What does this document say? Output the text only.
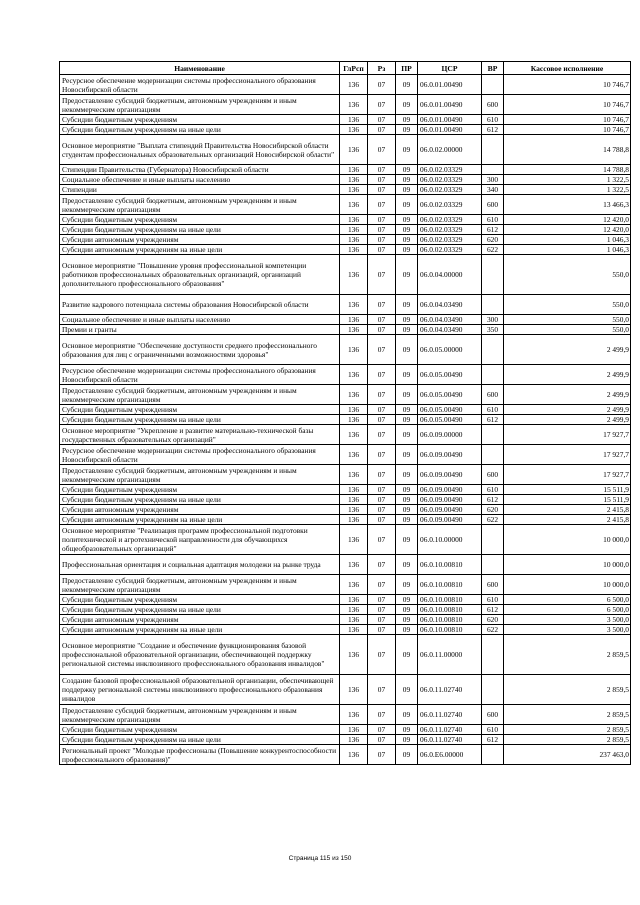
Наименование	ГлРсп	Рз	ПР	ЦСР	ВР	Кассовое исполнение
Ресурсное обеспечение модернизации системы профессионального образования Новосибирской области	136	07	09	06.0.01.00490		10 746,7
Предоставление субсидий бюджетным, автономным учреждениям и иным некоммерческим организациям	136	07	09	06.0.01.00490	600	10 746,7
Субсидии бюджетным учреждениям	136	07	09	06.0.01.00490	610	10 746,7
Субсидии бюджетным учреждениям на иные цели	136	07	09	06.0.01.00490	612	10 746,7
Основное мероприятие "Выплата стипендий Правительства Новосибирской области студентам профессиональных образовательных организаций Новосибирской области"	136	07	09	06.0.02.00000		14 788,8
Стипендии Правительства (Губернатора) Новосибирской области	136	07	09	06.0.02.03329		14 788,8
Социальное обеспечение и иные выплаты населению	136	07	09	06.0.02.03329	300	1 322,5
Стипендии	136	07	09	06.0.02.03329	340	1 322,5
Предоставление субсидий бюджетным, автономным учреждениям и иным некоммерческим организациям	136	07	09	06.0.02.03329	600	13 466,3
Субсидии бюджетным учреждениям	136	07	09	06.0.02.03329	610	12 420,0
Субсидии бюджетным учреждениям на иные цели	136	07	09	06.0.02.03329	612	12 420,0
Субсидии автономным учреждениям	136	07	09	06.0.02.03329	620	1 046,3
Субсидии автономным учреждениям на иные цели	136	07	09	06.0.02.03329	622	1 046,3
Основное мероприятие "Повышение уровня профессиональной компетенции работников профессиональных образовательных организаций, организаций дополнительного профессионального образования"	136	07	09	06.0.04.00000		550,0
Развитие кадрового потенциала системы образования Новосибирской области	136	07	09	06.0.04.03490		550,0
Социальное обеспечение и иные выплаты населению	136	07	09	06.0.04.03490	300	550,0
Премии и гранты	136	07	09	06.0.04.03490	350	550,0
Основное мероприятие "Обеспечение доступности среднего профессионального образования для лиц с ограниченными возможностями здоровья"	136	07	09	06.0.05.00000		2 499,9
Ресурсное обеспечение модернизации системы профессионального образования Новосибирской области	136	07	09	06.0.05.00490		2 499,9
Предоставление субсидий бюджетным, автономным учреждениям и иным некоммерческим организациям	136	07	09	06.0.05.00490	600	2 499,9
Субсидии бюджетным учреждениям	136	07	09	06.0.05.00490	610	2 499,9
Субсидии бюджетным учреждениям на иные цели	136	07	09	06.0.05.00490	612	2 499,9
Основное мероприятие "Укрепление и развитие материально-технической базы государственных образовательных организаций"	136	07	09	06.0.09.00000		17 927,7
Ресурсное обеспечение модернизации системы профессионального образования Новосибирской области	136	07	09	06.0.09.00490		17 927,7
Предоставление субсидий бюджетным, автономным учреждениям и иным некоммерческим организациям	136	07	09	06.0.09.00490	600	17 927,7
Субсидии бюджетным учреждениям	136	07	09	06.0.09.00490	610	15 511,9
Субсидии бюджетным учреждениям на иные цели	136	07	09	06.0.09.00490	612	15 511,9
Субсидии автономным учреждениям	136	07	09	06.0.09.00490	620	2 415,8
Субсидии автономным учреждениям на иные цели	136	07	09	06.0.09.00490	622	2 415,8
Основное мероприятие "Реализация программ профессиональной подготовки политехнической и агротехнической направленности для обучающихся общеобразовательных организаций"	136	07	09	06.0.10.00000		10 000,0
Профессиональная ориентация и социальная адаптация молодежи на рынке труда	136	07	09	06.0.10.00810		10 000,0
Предоставление субсидий бюджетным, автономным учреждениям и иным некоммерческим организациям	136	07	09	06.0.10.00810	600	10 000,0
Субсидии бюджетным учреждениям	136	07	09	06.0.10.00810	610	6 500,0
Субсидии бюджетным учреждениям на иные цели	136	07	09	06.0.10.00810	612	6 500,0
Субсидии автономным учреждениям	136	07	09	06.0.10.00810	620	3 500,0
Субсидии автономным учреждениям на иные цели	136	07	09	06.0.10.00810	622	3 500,0
Основное мероприятие "Создание и обеспечение функционирования базовой профессиональной образовательной организации, обеспечивающей поддержку региональной системы инклюзивного профессионального образования инвалидов"	136	07	09	06.0.11.00000		2 859,5
Создание базовой профессиональной образовательной организации, обеспечивающей поддержку региональной системы инклюзивного профессионального образования инвалидов	136	07	09	06.0.11.02740		2 859,5
Предоставление субсидий бюджетным, автономным учреждениям и иным некоммерческим организациям	136	07	09	06.0.11.02740	600	2 859,5
Субсидии бюджетным учреждениям	136	07	09	06.0.11.02740	610	2 859,5
Субсидии бюджетным учреждениям на иные цели	136	07	09	06.0.11.02740	612	2 859,5
Региональный проект "Молодые профессионалы (Повышение конкурентоспособности профессионального образования)"	136	07	09	06.0.E6.00000		237 463,0
Страница 115 из 150
